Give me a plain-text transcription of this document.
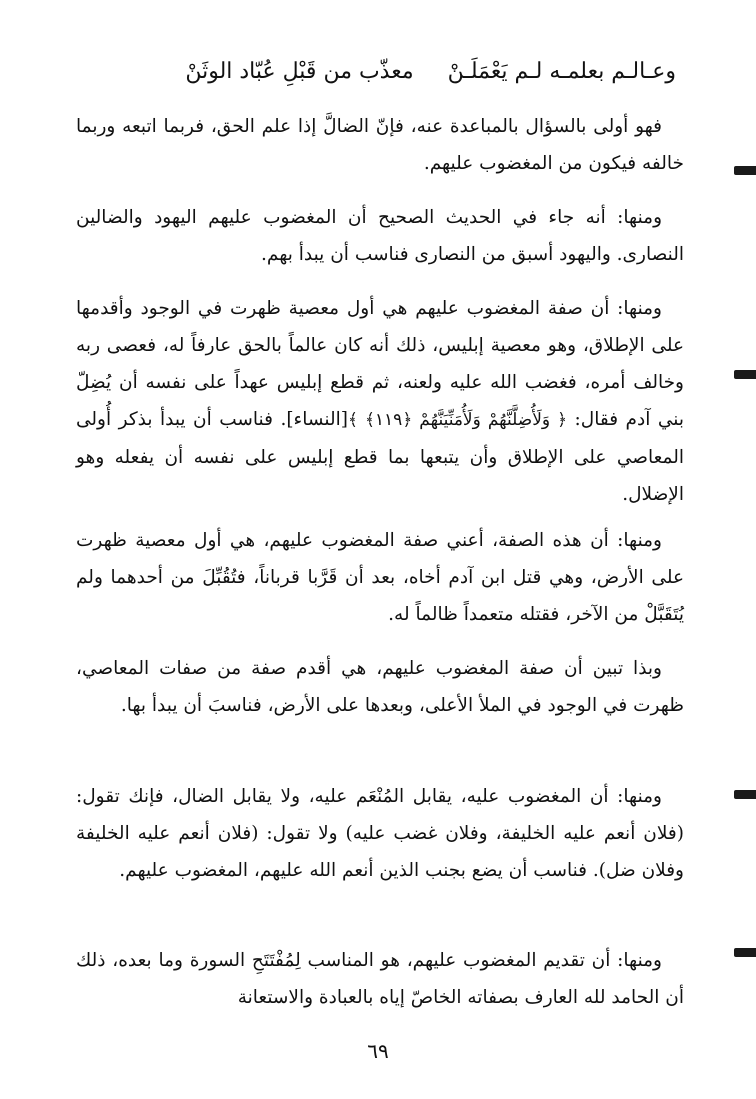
وعـالـم بعلمـه لـم يَعْمَلَـنْمعذّب من قَبْلِ عُبّاد الوثَنْ

فهو أولى بالسؤال بالمباعدة عنه، فإنّ الضالَّ إذا علم الحق، فربما اتبعه وربما خالفه فيكون من المغضوب عليهم.

ومنها: أنه جاء في الحديث الصحيح أن المغضوب عليهم اليهود والضالين النصارى. واليهود أسبق من النصارى فناسب أن يبدأ بهم.

ومنها: أن صفة المغضوب عليهم هي أول معصية ظهرت في الوجود وأقدمها على الإطلاق، وهو معصية إبليس، ذلك أنه كان عالماً بالحق عارفاً له، فعصى ربه وخالف أمره، فغضب الله عليه ولعنه، ثم قطع إبليس عهداً على نفسه أن يُضِلّ بني آدم فقال: ﴿ وَلَأُضِلَّنَّهُمْ وَلَأُمَنِّيَنَّهُمْ ﴿١١٩﴾ ﴾[النساء]. فناسب أن يبدأ بذكر أُولى المعاصي على الإطلاق وأن يتبعها بما قطع إبليس على نفسه أن يفعله وهو الإضلال.

ومنها: أن هذه الصفة، أعني صفة المغضوب عليهم، هي أول معصية ظهرت على الأرض، وهي قتل ابن آدم أخاه، بعد أن قَرَّبا قرباناً، فتُقُبِّلَ من أحدهما ولم يُتَقَبَّلْ من الآخر، فقتله متعمداً ظالماً له.

وبذا تبين أن صفة المغضوب عليهم، هي أقدم صفة من صفات المعاصي، ظهرت في الوجود في الملأ الأعلى، وبعدها على الأرض، فناسبَ أن يبدأ بها.

ومنها: أن المغضوب عليه، يقابل المُنْعَم عليه، ولا يقابل الضال، فإنك تقول: (فلان أنعم عليه الخليفة، وفلان غضب عليه) ولا تقول: (فلان أنعم عليه الخليفة وفلان ضل). فناسب أن يضع بجنب الذين أنعم الله عليهم، المغضوب عليهم.

ومنها: أن تقديم المغضوب عليهم، هو المناسب لِمُفْتَتَحِ السورة وما بعده، ذلك أن الحامد لله العارف بصفاته الخاصّ إياه بالعبادة والاستعانة

٦٩
